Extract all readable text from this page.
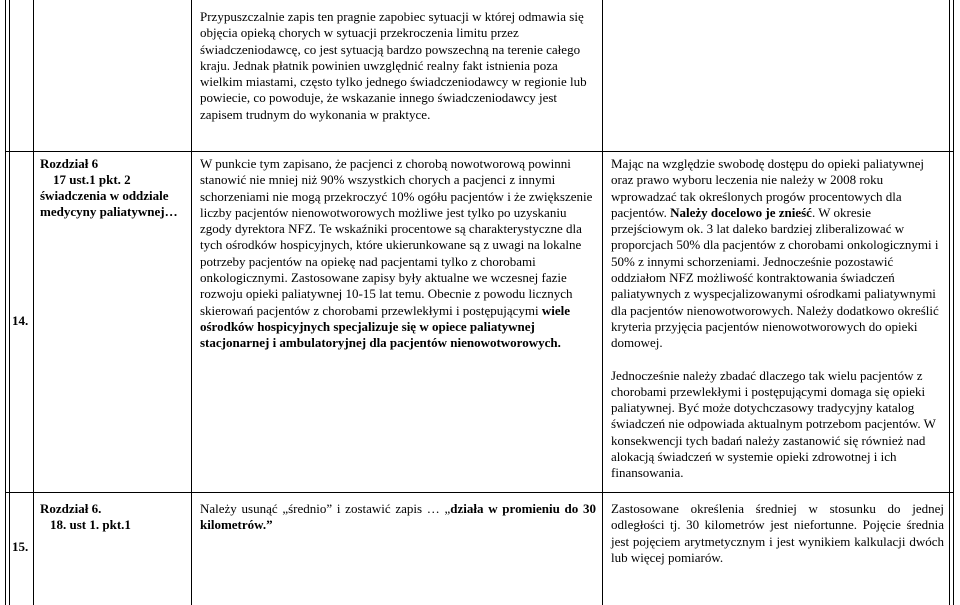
Przypuszczalnie zapis ten pragnie zapobiec sytuacji w której odmawia się objęcia opieką chorych w sytuacji przekroczenia limitu przez świadczeniodawcę, co jest sytuacją bardzo powszechną na terenie całego kraju. Jednak płatnik powinien uwzględnić realny fakt istnienia poza wielkim miastami, często tylko jednego świadczeniodawcy w regionie lub powiecie, co powoduje, że wskazanie innego świadczeniodawcy jest zapisem trudnym do wykonania w praktyce.
14.
Rozdział 6
17 ust.1 pkt. 2
świadczenia w oddziale medycyny paliatywnej…
W punkcie tym zapisano, że pacjenci z chorobą nowotworową powinni stanowić nie mniej niż 90% wszystkich chorych a pacjenci z innymi schorzeniami nie mogą przekroczyć 10% ogółu pacjentów i że zwiększenie liczby pacjentów nienowotworowych możliwe jest tylko po uzyskaniu zgody dyrektora NFZ. Te wskaźniki procentowe są charakterystyczne dla tych ośrodków hospicyjnych, które ukierunkowane są z uwagi na lokalne potrzeby pacjentów na opiekę nad pacjentami tylko z chorobami onkologicznymi. Zastosowane zapisy były aktualne we wczesnej fazie rozwoju opieki paliatywnej 10-15 lat temu. Obecnie z powodu licznych skierowań pacjentów z chorobami przewlekłymi i postępującymi wiele ośrodków hospicyjnych specjalizuje się w opiece paliatywnej stacjonarnej i ambulatoryjnej dla pacjentów nienowotworowych.

Mając na względzie swobodę dostępu do opieki paliatywnej oraz prawo wyboru leczenia nie należy w 2008 roku wprowadzać tak określonych progów procentowych dla pacjentów. Należy docelowo je znieść. W okresie przejściowym ok. 3 lat daleko bardziej zliberalizować w proporcjach 50% dla pacjentów z chorobami onkologicznymi i 50% z innymi schorzeniami. Jednocześnie pozostawić oddziałom NFZ możliwość kontraktowania świadczeń paliatywnych z wyspecjalizowanymi ośrodkami paliatywnymi dla pacjentów nienowotworowych. Należy dodatkowo określić kryteria przyjęcia pacjentów nienowotworowych do opieki domowej.

Jednocześnie należy zbadać dlaczego tak wielu pacjentów z chorobami przewlekłymi i postępującymi domaga się opieki paliatywnej. Być może dotychczasowy tradycyjny katalog świadczeń nie odpowiada aktualnym potrzebom pacjentów. W konsekwencji tych badań należy zastanowić się również nad alokacją świadczeń w systemie opieki zdrowotnej i ich finansowania.

15.
Rozdział 6.
18. ust 1. pkt.1
Należy usunąć „średnio” i zostawić zapis … „działa w promieniu do 30 kilometrów.”
Zastosowane określenia średniej w stosunku do jednej odległości tj. 30 kilometrów jest niefortunne. Pojęcie średnia jest pojęciem arytmetycznym i jest wynikiem kalkulacji dwóch lub więcej pomiarów.
